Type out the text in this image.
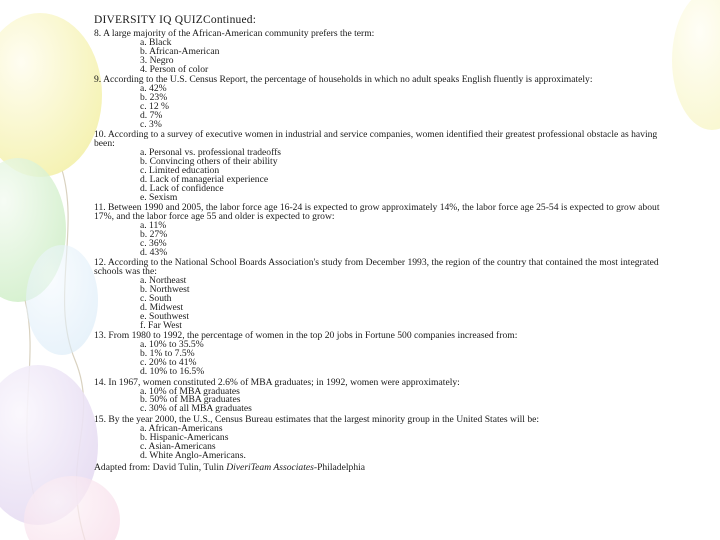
DIVERSITY IQ QUIZContinued:
8. A large majority of the African-American community prefers the term:
a. Black
b. African-American
3. Negro
4. Person of color
9. According to the U.S. Census Report, the percentage of households in which no adult speaks English fluently is approximately:
a. 42%
b. 23%
c. 12 %
d. 7%
c. 3%
10. According to a survey of executive women in industrial and service companies, women identified their greatest professional obstacle as having been:
a. Personal vs. professional tradeoffs
b. Convincing others of their ability
c. Limited education
d. Lack of managerial experience
d. Lack of confidence
e. Sexism
11. Between 1990 and 2005, the labor force age 16-24 is expected to grow approximately 14%, the labor force age 25-54 is expected to grow about 17%, and the labor force age 55 and older is expected to grow:
a. 11%
b. 27%
c. 36%
d. 43%
12. According to the National School Boards Association's study from December 1993, the region of the country that contained the most integrated schools was the:
a. Northeast
b. Northwest
c. South
d. Midwest
e. Southwest
f. Far West
13. From 1980 to 1992, the percentage of women in the top 20 jobs in Fortune 500 companies increased from:
a. 10% to 35.5%
b. 1% to 7.5%
c. 20% to 41%
d. 10% to 16.5%
14. In 1967, women constituted 2.6% of MBA graduates; in 1992, women were approximately:
a. 10% of MBA graduates
b. 50% of MBA graduates
c. 30% of all MBA graduates
15. By the year 2000, the U.S., Census Bureau estimates that the largest minority group in the United States will be:
a. African-Americans
b. Hispanic-Americans
c. Asian-Americans
d. White Anglo-Americans.
Adapted from: David Tulin, Tulin DiveriTeam Associates-Philadelphia
